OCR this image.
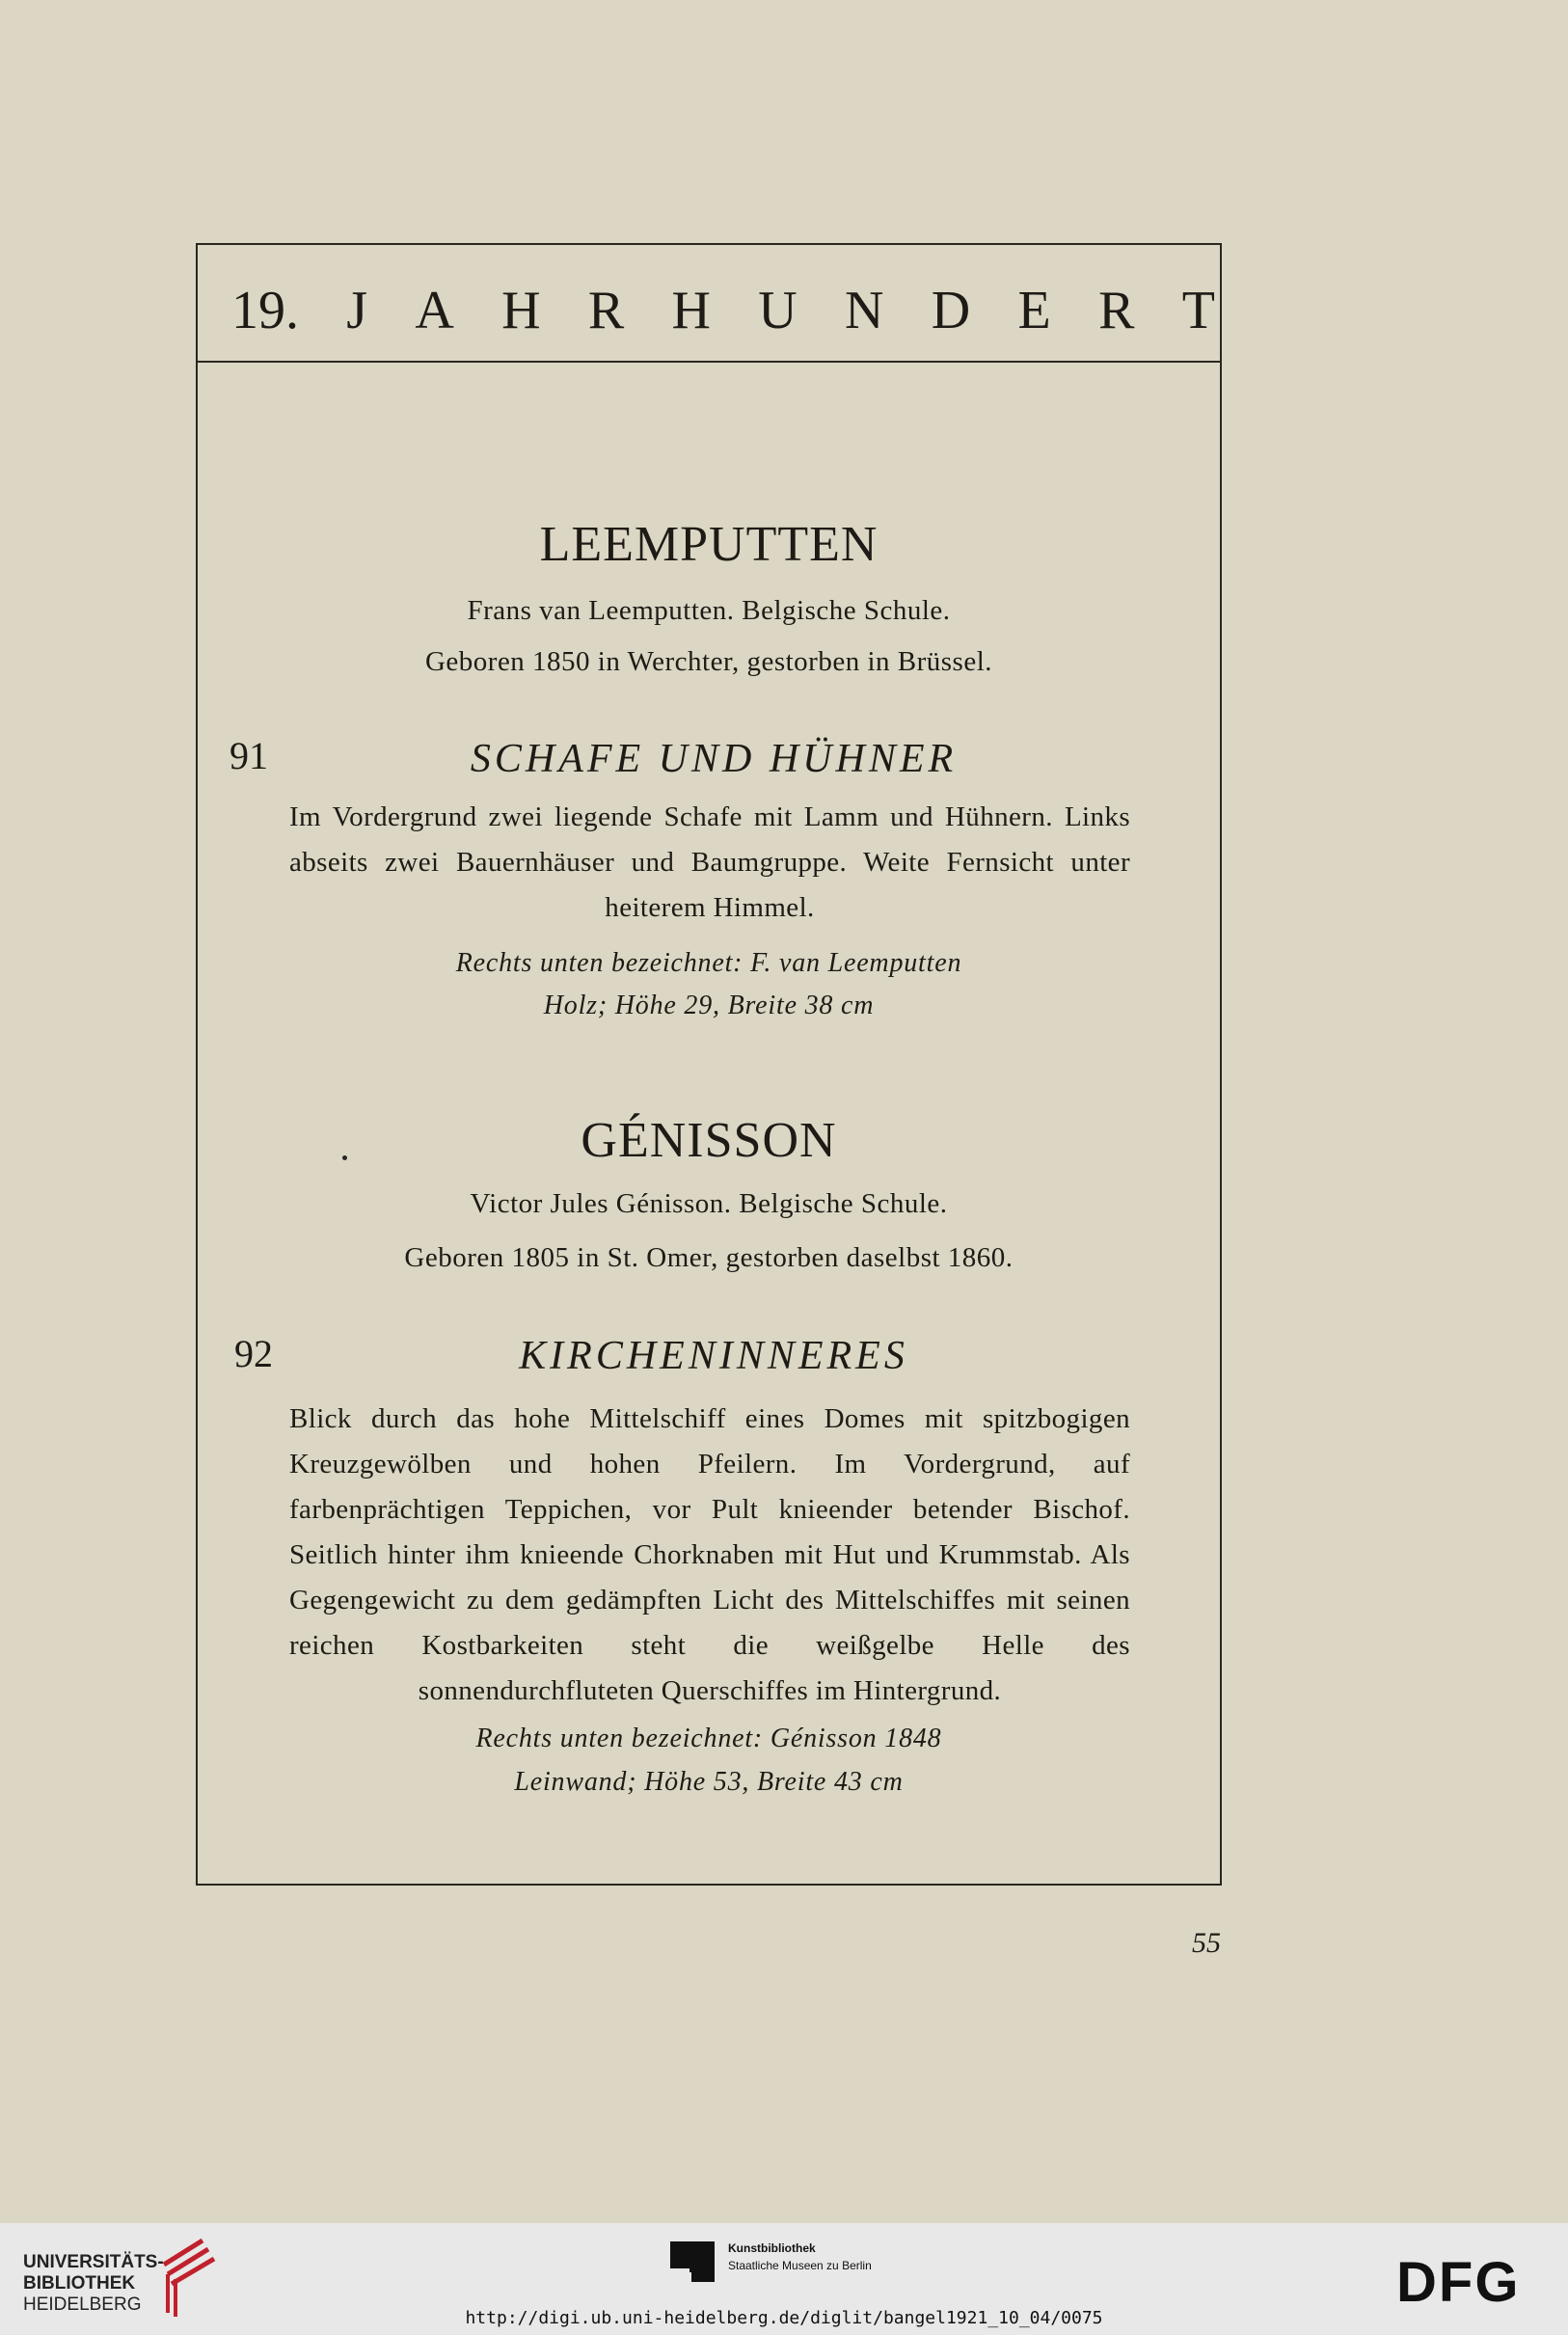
19. J A H R H U N D E R T
LEEMPUTTEN
Frans van Leemputten. Belgische Schule.
Geboren 1850 in Werchter, gestorben in Brüssel.
91	SCHAFE UND HÜHNER
Im Vordergrund zwei liegende Schafe mit Lamm und Hühnern. Links abseits zwei Bauernhäuser und Baumgruppe. Weite Fernsicht unter heiterem Himmel.
Rechts unten bezeichnet: F. van Leemputten
Holz; Höhe 29, Breite 38 cm
GÉNISSON
Victor Jules Génisson. Belgische Schule.
Geboren 1805 in St. Omer, gestorben daselbst 1860.
92	KIRCHENINNERES
Blick durch das hohe Mittelschiff eines Domes mit spitzbogigen Kreuzgewölben und hohen Pfeilern. Im Vordergrund, auf farbenprächtigen Teppichen, vor Pult knieender betender Bischof. Seitlich hinter ihm knieende Chorknaben mit Hut und Krummstab. Als Gegengewicht zu dem gedämpften Licht des Mittelschiffes mit seinen reichen Kostbarkeiten steht die weißgelbe Helle des sonnendurchfluteten Querschiffes im Hintergrund.
Rechts unten bezeichnet: Génisson 1848
Leinwand; Höhe 53, Breite 43 cm
55
UNIVERSITÄTS-
BIBLIOTHEK
HEIDELBERG
Kunstbibliothek
Staatliche Museen zu Berlin	DFG
http://digi.ub.uni-heidelberg.de/diglit/bangel1921_10_04/0075
